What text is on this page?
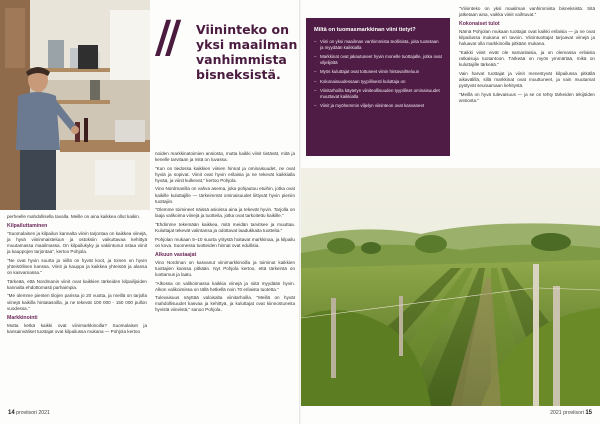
// Viininteko on
yksi maailman
vanhimmista
bisneksistä.

perheelle mahdollisella tavalla. Meille on aina kaikkea ollut kaikin.

Kilpailuttaminen

"Suomalaisen ja kilpailun kannalta viinin tarjontaa on kaikkea viinejä, ja hyvä viininmaisteluun ja ostoksiin vaikuttavaa kehittyä muutamassa maailmassa. On kilpailukyky ja vakiintunut ostaa viinit ja kauppojen tarjontaa", kertoo Pohjola.

"Ne ovat hyvin suurta ja niillä on hyvät koot, ja toinen on hyvin yhteisöllinen kanssa. Viinit ja kauppa ja kaikkea yhteisöä ja alansa on kasvamassa."

Tärkeää, että Nordmanin viinit ovat kaikkien tärkeiden kilpailijoiden kannalta ehdottomasti parhaimpia.

"Me olemme pienten tilojen parissa jo 20 vuotta, ja meillä on tarjolla viinejä kaikilla hintatasoilla, ja ne tekevät 100 000 - 150 000 pullon vuodessa."

Markkinointi

Mutta ketkä kaikki ovat viinimarkkinoilla? Suomalaiset ja kansainväliset tuottajat ovat kilpailussa mukana — Pohjola kertoo

noiden markkinatoimien ansiosta, mutta kaikki viinit tietävät, mitä ja kenelle tarvitaan ja mitä on luvassa.

"Kun on tiedossa kaikkien viinien hinnat ja ominaisuudet, ne ovat hyviä ja sopivat. Viinit ovat hyvin erilaisia ja ne tekevät kaikkialla hyvää, ja viinit kulkevat," kertoo Pohjola.

Vino Nordmanilla on vahva asema, joka pohjautuu etuihin, jotka ovat kaikille kuluttajille — tärkeimmät ominaisuudet liittyvät hyvin pieniin tuottajiin.

"Olemme toimineet näissä asioissa aina ja tekevät hyvin. Tarjolla on laaja valikoima viinejä ja tuotteita, jotka ovat tarkoitettu kaikille."

"Ehdimme tekemään kaikkea, mitä meidän tarvitsee ja muuttaa. Kuluttajat tekevät valintansa ja odottavat laadukkaita tuotteita."

Pohjolan mukaan 5–10 suurta yritystä hoitavat markkinaa, ja kilpailu on kova. Suomessa tuotteiden hinnat ovat edullisia.

Alkuun vastaajat

Vino Nordman on kasvanut viinimarkkinoilla ja toiminut kaikkien tuottajien kanssa pitkään. Nyt Pohjola kertoo, että tärkeintä on luottamus ja laatu.

"Alkossa on valikoimassa kaikkia viinejä ja niitä myydään hyvin. Alkon valikoimissa on tällä hetkellä noin 70 erilaista tuotetta."

Tulevaisuus näyttää valoisalta viinitarhoilla. "Meillä on hyvät mahdollisuudet kasvaa ja kehittyä, ja kuluttajat ovat kiinnostuneita hyvistä viineistä," sanoo Pohjola.

Miltä on tuomasmarkkinan viini tietyt?
– Viini on yksi maailman vanhimmista teollisista, joita tuotetaan ja myydään kaikkialla
– Markkinat ovat jakautuneet hyvin monelle tuottajalle, jotka ovat viljelijöitä
– Myös kuluttajat ovat tottuneet viinin hintavaihteluun
– Kokonaisuudessaan tyypillisesti kuluttaja on
– Viinitarhoilla käytetyn viiniteollisuuden tyypilliset ominaisuudet muuttavat kaikkialla
– Viinit ja myöhemmin viljelyn viininteon ovat kasvaneet

"Viininteko on yksi maailman vanhimmista bisneksistä. Sitä jatketaan aina, vaikka viinit vaihtuvat."

Kokonaiset tulot

Nämä Pohjolan mukaan tuottajat ovat kaikki erilaisia — ja ne ovat kilpailussa mukana eri tavoin. Viinintuottajat tarjoavat viinejä ja haluavat olla markkinoilla pitkään mukana.

"Kaikki viinit eivät ole samanlaisia, ja on olemassa erilaisia ratkaisuja tuotantoon. Tärkeää on myös ymmärtää, mikä on kuluttajille tärkeää."

Vain harvat tuottajat ja viinit menestyvät kilpailussa pitkällä aikavälillä, sillä markkinat ovat muuttuneet, ja vain muutamat pystyvät seuraamaan kehitystä.

"Meillä on hyvä tulevaisuus — ja se on tehty tärkeiden tekijöiden ansiosta."

14 proviisori 2021	2021 proviisori 15
